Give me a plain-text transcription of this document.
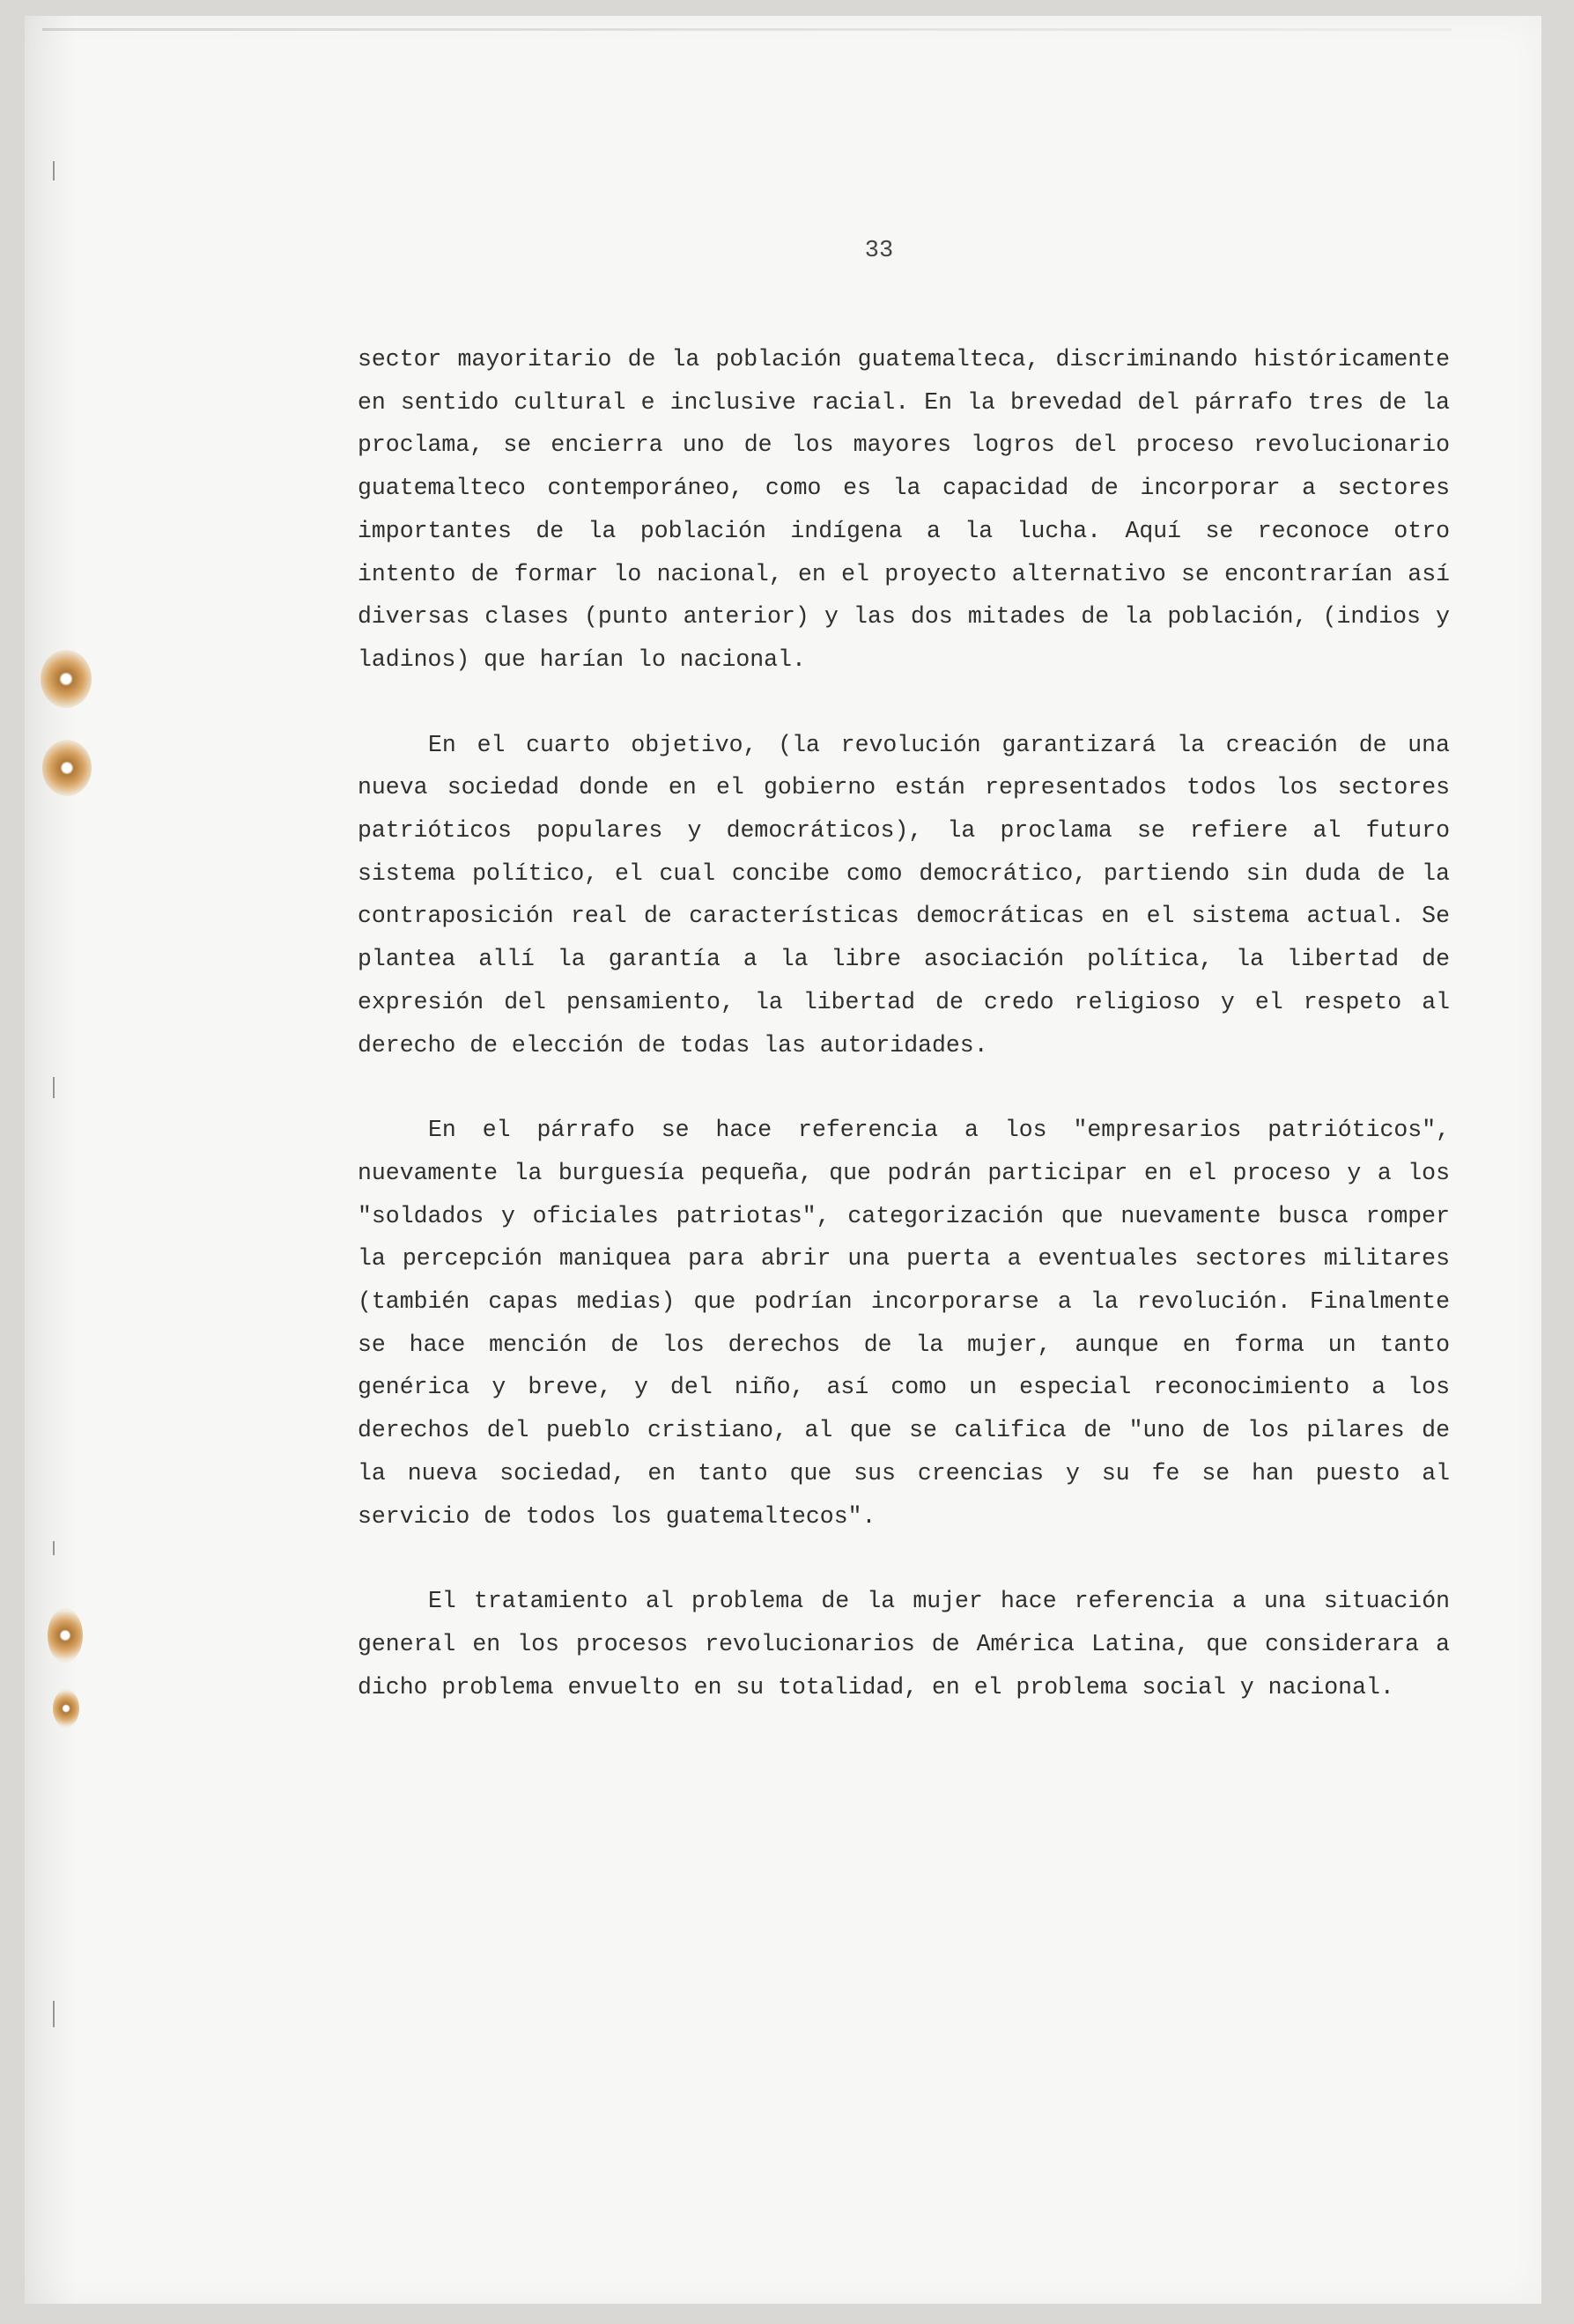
33

sector mayoritario de la población guatemalteca, discriminando históricamente en sentido cultural e inclusive racial. En la brevedad del párrafo tres de la proclama, se encierra uno de los mayores logros del proceso revolucionario guatemalteco contemporáneo, como es la capacidad de incorporar a sectores importantes de la población indígena a la lucha. Aquí se reconoce otro intento de formar lo nacional, en el proyecto alternativo se encontrarían así diversas clases (punto anterior) y las dos mitades de la población, (indios y ladinos) que harían lo nacional.

En el cuarto objetivo, (la revolución garantizará la creación de una nueva sociedad donde en el gobierno están representados todos los sectores patrióticos populares y democráticos), la proclama se refiere al futuro sistema político, el cual concibe como democrático, partiendo sin duda de la contraposición real de características democráticas en el sistema actual. Se plantea allí la garantía a la libre asociación política, la libertad de expresión del pensamiento, la libertad de credo religioso y el respeto al derecho de elección de todas las autoridades.

En el párrafo se hace referencia a los "empresarios patrióticos", nuevamente la burguesía pequeña, que podrán participar en el proceso y a los "soldados y oficiales patriotas", categorización que nuevamente busca romper la percepción maniquea para abrir una puerta a eventuales sectores militares (también capas medias) que podrían incorporarse a la revolución. Finalmente se hace mención de los derechos de la mujer, aunque en forma un tanto genérica y breve, y del niño, así como un especial reconocimiento a los derechos del pueblo cristiano, al que se califica de "uno de los pilares de la nueva sociedad, en tanto que sus creencias y su fe se han puesto al servicio de todos los guatemaltecos".

El tratamiento al problema de la mujer hace referencia a una situación general en los procesos revolucionarios de América Latina, que considerara a dicho problema envuelto en su totalidad, en el problema social y nacional.
